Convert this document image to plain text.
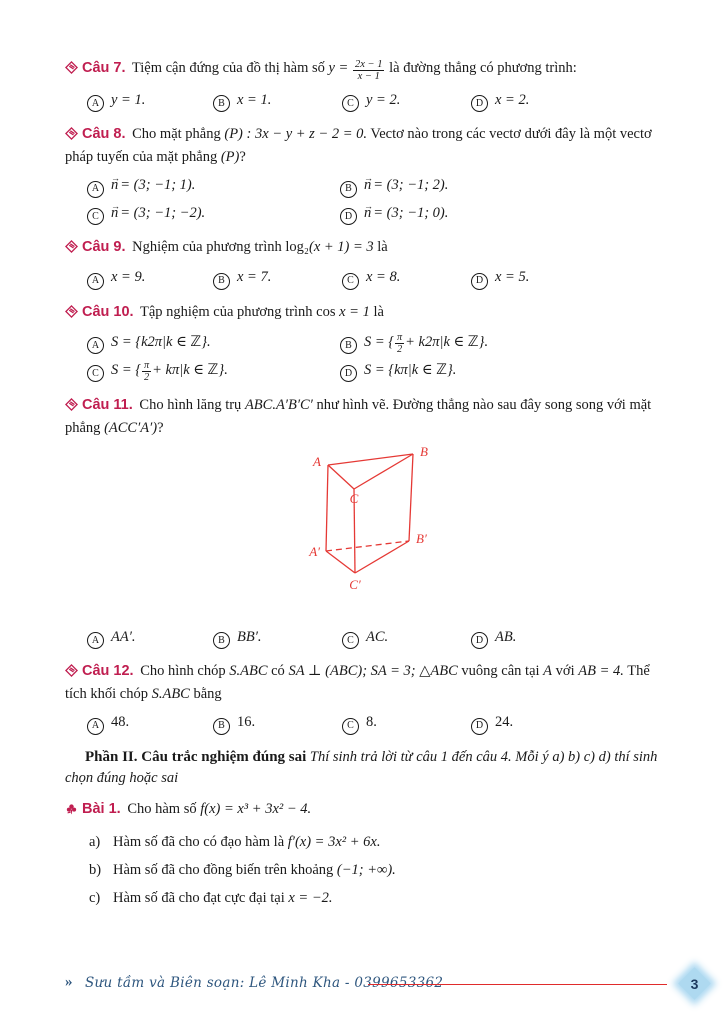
Câu 7. Tiệm cận đứng của đồ thị hàm số $y = \frac{2x - 1}{x - 1}$ là đường thẳng có phương trình:

A y = 1.	B x = 1.	C y = 2.	D x = 2.

Câu 8. Cho mặt phẳng (P) : 3x − y + z − 2 = 0. Vectơ nào trong các vectơ dưới đây là một vectơ pháp tuyến của mặt phẳng (P)?

A n → = (3; −1; 1).	B n → = (3; −1; 2).
C n → = (3; −1; −2).	D n → = (3; −1; 0).

Câu 9. Nghiệm của phương trình log₂(x + 1) = 3 là

A x = 9.	B x = 7.	C x = 8.	D x = 5.

Câu 10. Tập nghiệm của phương trình cos x = 1 là

A S = {k2π|k ∈ ℤ}.	B S = { $\frac{\pi}{2} + k2\pi|k$ ∈ ℤ}.
C S = { $\frac{\pi}{2} + k\pi|k$ ∈ ℤ}.	D S = {kπ|k ∈ ℤ}.

Câu 11. Cho hình lăng trụ ABC.A′B′C′ như hình vẽ. Đường thẳng nào sau đây song song với mặt phẳng (ACC′A′)?

A
B
C
A′
B′
C′
A AA′.	B BB′.	C AC.	D AB.

Câu 12. Cho hình chóp S.ABC có SA ⊥ (ABC); SA = 3; △ABC vuông cân tại A với AB = 4. Thể tích khối chóp S.ABC bằng

A 48.	B 16.	C 8.	D 24.

Phần II. Câu trắc nghiệm đúng sai Thí sinh trả lời từ câu 1 đến câu 4. Mỗi ý a) b) c) d) thí sinh chọn đúng hoặc sai

Bài 1. Cho hàm số f(x) = x³ + 3x² − 4.

a) Hàm số đã cho có đạo hàm là f′(x) = 3x² + 6x.

b) Hàm số đã cho đồng biến trên khoảng (−1; +∞).

c) Hàm số đã cho đạt cực đại tại x = −2.

» Sưu tầm và Biên soạn: Lê Minh Kha - 0399653362	3
